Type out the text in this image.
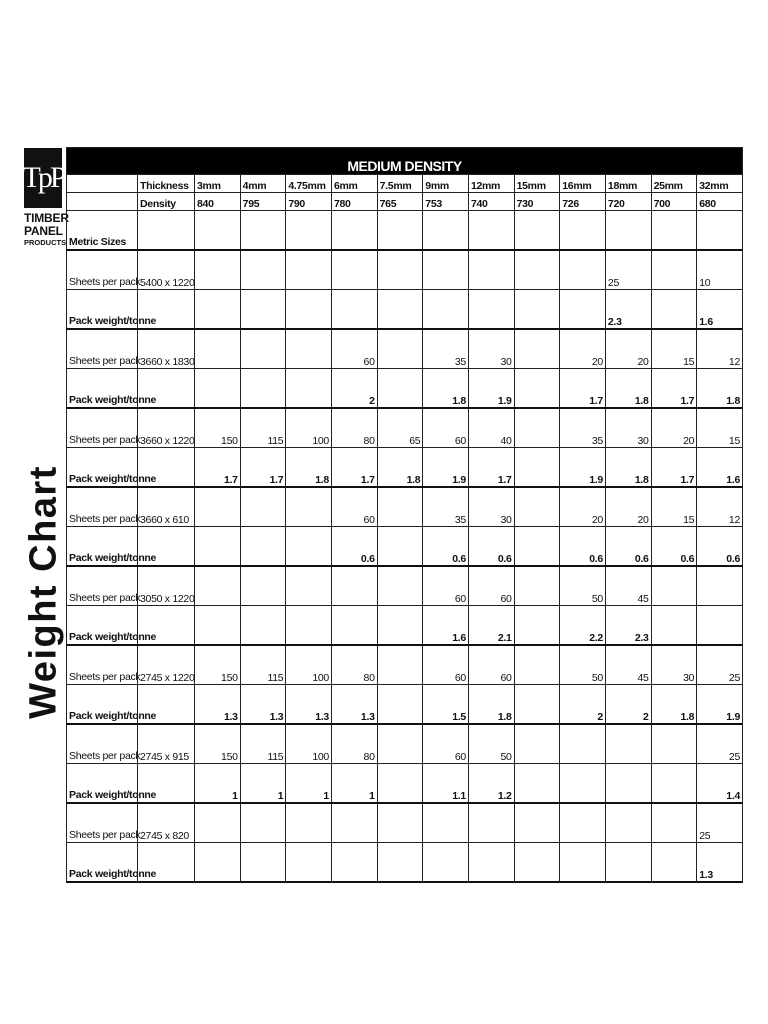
TpP
TIMBER
PANEL
PRODUCTS
Weight Chart
MEDIUM DENSITY													
	Thickness	3mm	4mm	4.75mm	6mm	7.5mm	9mm	12mm	15mm	16mm	18mm	25mm	32mm
	Density	840	795	790	780	765	753	740	730	726	720	700	680
Metric Sizes													
Sheets per pack	5400 x 1220										25		10
Pack weight/tonne											2.3		1.6
Sheets per pack	3660 x 1830				60		35	30		20	20	15	12
Pack weight/tonne					2		1.8	1.9		1.7	1.8	1.7	1.8
Sheets per pack	3660 x 1220	150	115	100	80	65	60	40		35	30	20	15
Pack weight/tonne		1.7	1.7	1.8	1.7	1.8	1.9	1.7		1.9	1.8	1.7	1.6
Sheets per pack	3660 x 610				60		35	30		20	20	15	12
Pack weight/tonne					0.6		0.6	0.6		0.6	0.6	0.6	0.6
Sheets per pack	3050 x 1220						60	60		50	45		
Pack weight/tonne							1.6	2.1		2.2	2.3		
Sheets per pack	2745 x 1220	150	115	100	80		60	60		50	45	30	25
Pack weight/tonne		1.3	1.3	1.3	1.3		1.5	1.8		2	2	1.8	1.9
Sheets per pack	2745 x 915	150	115	100	80		60	50					25
Pack weight/tonne		1	1	1	1		1.1	1.2					1.4
Sheets per pack	2745 x 820												25
Pack weight/tonne													1.3
